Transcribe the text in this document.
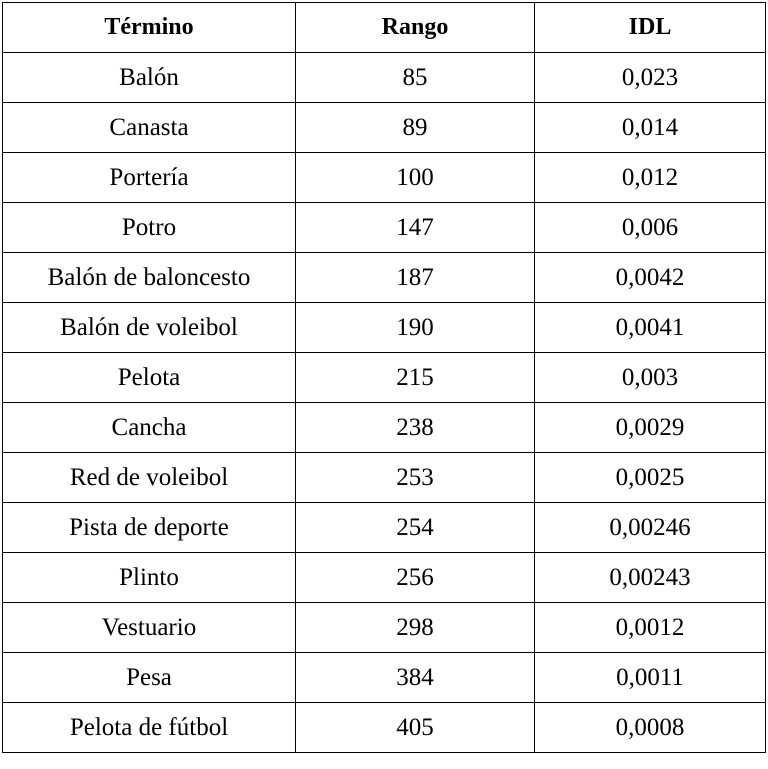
Término	Rango	IDL
Balón	85	0,023
Canasta	89	0,014
Portería	100	0,012
Potro	147	0,006
Balón de baloncesto	187	0,0042
Balón de voleibol	190	0,0041
Pelota	215	0,003
Cancha	238	0,0029
Red de voleibol	253	0,0025
Pista de deporte	254	0,00246
Plinto	256	0,00243
Vestuario	298	0,0012
Pesa	384	0,0011
Pelota de fútbol	405	0,0008
